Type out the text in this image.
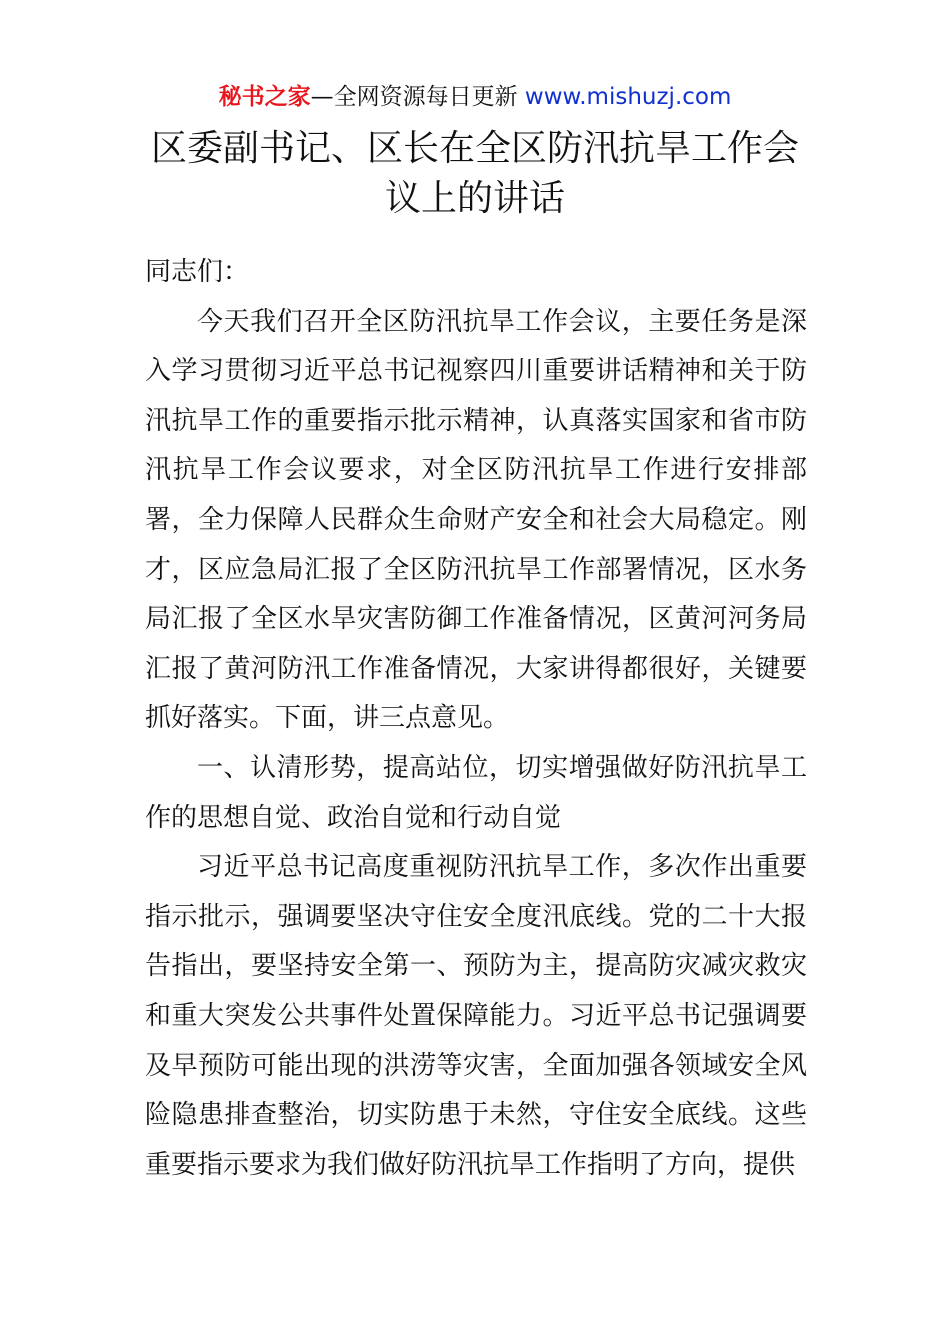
秘书之家—全网资源每日更新 www.mishuzj.com
区委副书记、区长在全区防汛抗旱工作会议上的讲话

同志们：

今天我们召开全区防汛抗旱工作会议，主要任务是深入学习贯彻习近平总书记视察四川重要讲话精神和关于防汛抗旱工作的重要指示批示精神，认真落实国家和省市防汛抗旱工作会议要求，对全区防汛抗旱工作进行安排部署，全力保障人民群众生命财产安全和社会大局稳定。刚才，区应急局汇报了全区防汛抗旱工作部署情况，区水务局汇报了全区水旱灾害防御工作准备情况，区黄河河务局汇报了黄河防汛工作准备情况，大家讲得都很好，关键要抓好落实。下面，讲三点意见。

一、认清形势，提高站位，切实增强做好防汛抗旱工作的思想自觉、政治自觉和行动自觉

习近平总书记高度重视防汛抗旱工作，多次作出重要指示批示，强调要坚决守住安全度汛底线。党的二十大报告指出，要坚持安全第一、预防为主，提高防灾减灾救灾和重大突发公共事件处置保障能力。习近平总书记强调要及早预防可能出现的洪涝等灾害，全面加强各领域安全风险隐患排查整治，切实防患于未然，守住安全底线。这些重要指示要求为我们做好防汛抗旱工作指明了方向，提供
